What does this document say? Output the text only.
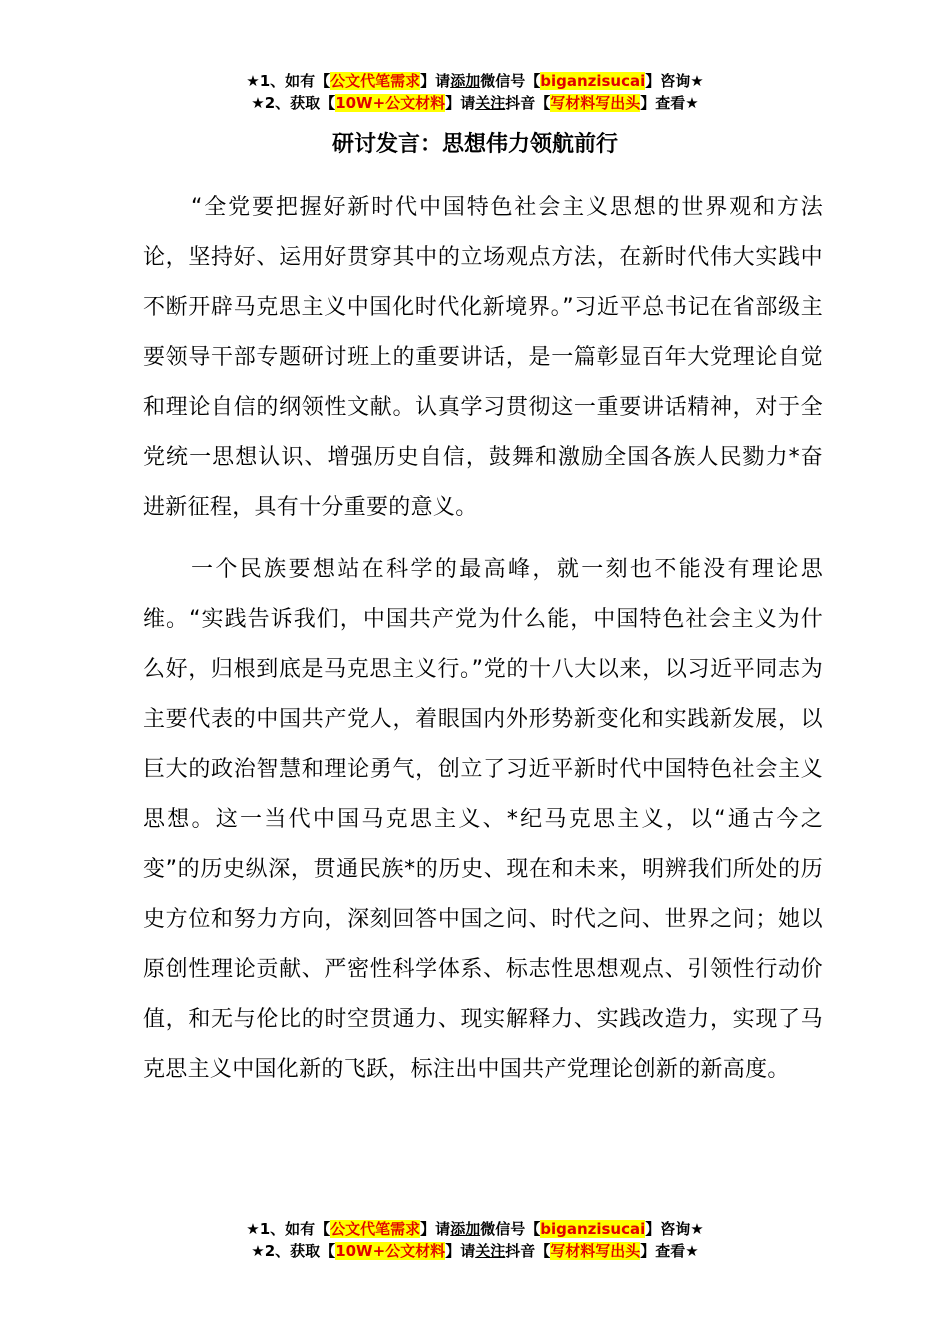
★1、如有【公文代笔需求】请添加微信号【biganzisucai】咨询★
★2、获取【10W+公文材料】请关注抖音【写材料写出头】查看★
研讨发言：思想伟力领航前行

“全党要把握好新时代中国特色社会主义思想的世界观和方法论，坚持好、运用好贯穿其中的立场观点方法，在新时代伟大实践中不断开辟马克思主义中国化时代化新境界。”习近平总书记在省部级主要领导干部专题研讨班上的重要讲话，是一篇彰显百年大党理论自觉和理论自信的纲领性文献。认真学习贯彻这一重要讲话精神，对于全党统一思想认识、增强历史自信，鼓舞和激励全国各族人民勠力*奋进新征程，具有十分重要的意义。

一个民族要想站在科学的最高峰，就一刻也不能没有理论思维。“实践告诉我们，中国共产党为什么能，中国特色社会主义为什么好，归根到底是马克思主义行。”党的十八大以来，以习近平同志为主要代表的中国共产党人，着眼国内外形势新变化和实践新发展，以巨大的政治智慧和理论勇气，创立了习近平新时代中国特色社会主义思想。这一当代中国马克思主义、*纪马克思主义，以“通古今之变”的历史纵深，贯通民族*的历史、现在和未来，明辨我们所处的历史方位和努力方向，深刻回答中国之问、时代之问、世界之问；她以原创性理论贡献、严密性科学体系、标志性思想观点、引领性行动价值，和无与伦比的时空贯通力、现实解释力、实践改造力，实现了马克思主义中国化新的飞跃，标注出中国共产党理论创新的新高度。

★1、如有【公文代笔需求】请添加微信号【biganzisucai】咨询★
★2、获取【10W+公文材料】请关注抖音【写材料写出头】查看★
